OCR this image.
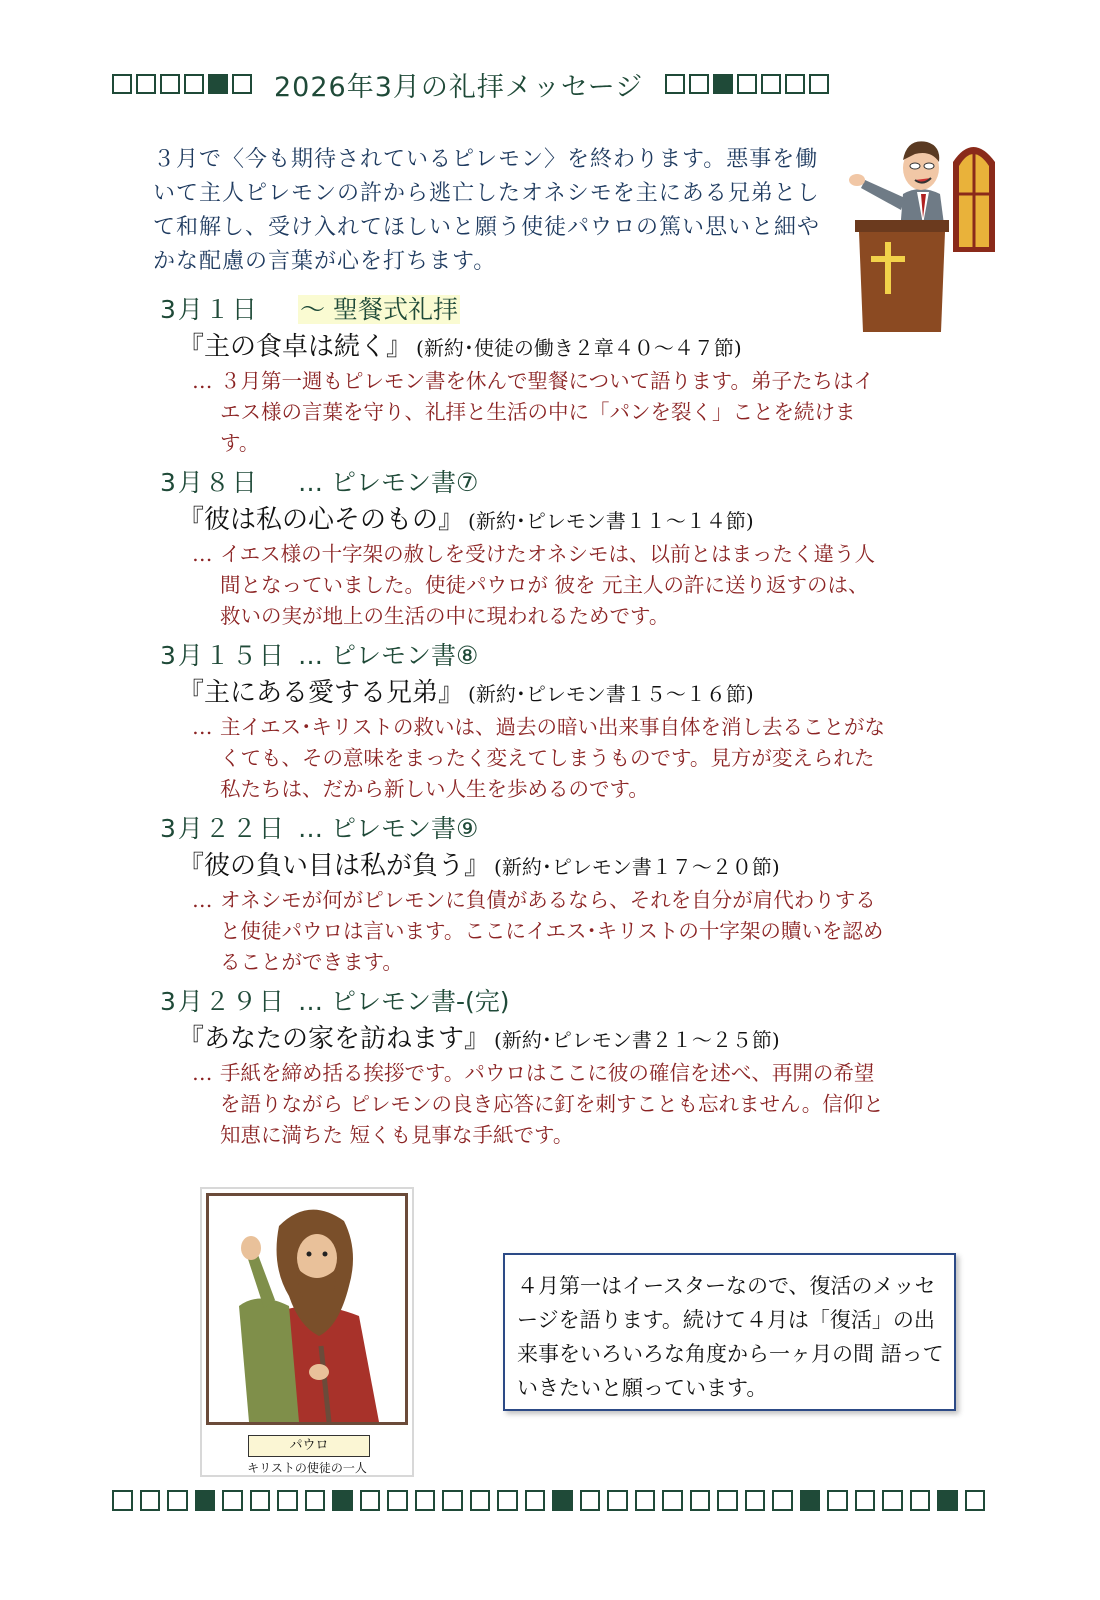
2026年3月の礼拝メッセージ
３月で〈今も期待されているピレモン〉を終わります。悪事を働いて主人ピレモンの許から逃亡したオネシモを主にある兄弟として和解し、受け入れてほしいと願う使徒パウロの篤い思いと細やかな配慮の言葉が心を打ちます。
3月１日 ～ 聖餐式礼拝
『主の食卓は続く』 (新約･使徒の働き２章４０～４７節)
… ３月第一週もピレモン書を休んで聖餐について語ります。弟子たちはイエス様の言葉を守り、礼拝と生活の中に「パンを裂く」ことを続けます。
3月８日 … ピレモン書⑦
『彼は私の心そのもの』 (新約･ピレモン書１１～１４節)
… イエス様の十字架の赦しを受けたオネシモは、以前とはまったく違う人間となっていました。使徒パウロが 彼を 元主人の許に送り返すのは、救いの実が地上の生活の中に現われるためです。
3月１５日 … ピレモン書⑧
『主にある愛する兄弟』 (新約･ピレモン書１５～１６節)
… 主イエス･キリストの救いは、過去の暗い出来事自体を消し去ることがなくても、その意味をまったく変えてしまうものです。見方が変えられた私たちは、だから新しい人生を歩めるのです。
3月２２日 … ピレモン書⑨
『彼の負い目は私が負う』 (新約･ピレモン書１７～２０節)
… オネシモが何がピレモンに負債があるなら、それを自分が肩代わりすると使徒パウロは言います。ここにイエス･キリストの十字架の贖いを認めることができます。
3月２９日 … ピレモン書-(完)
『あなたの家を訪ねます』 (新約･ピレモン書２１～２５節)
… 手紙を締め括る挨拶です。パウロはここに彼の確信を述べ、再開の希望を語りながら ピレモンの良き応答に釘を刺すことも忘れません。信仰と知恵に満ちた 短くも見事な手紙です。
パウロ
キリストの使徒の一人
４月第一はイースターなので、復活のメッセージを語ります。続けて４月は「復活」の出来事をいろいろな角度から一ヶ月の間 語っていきたいと願っています。
